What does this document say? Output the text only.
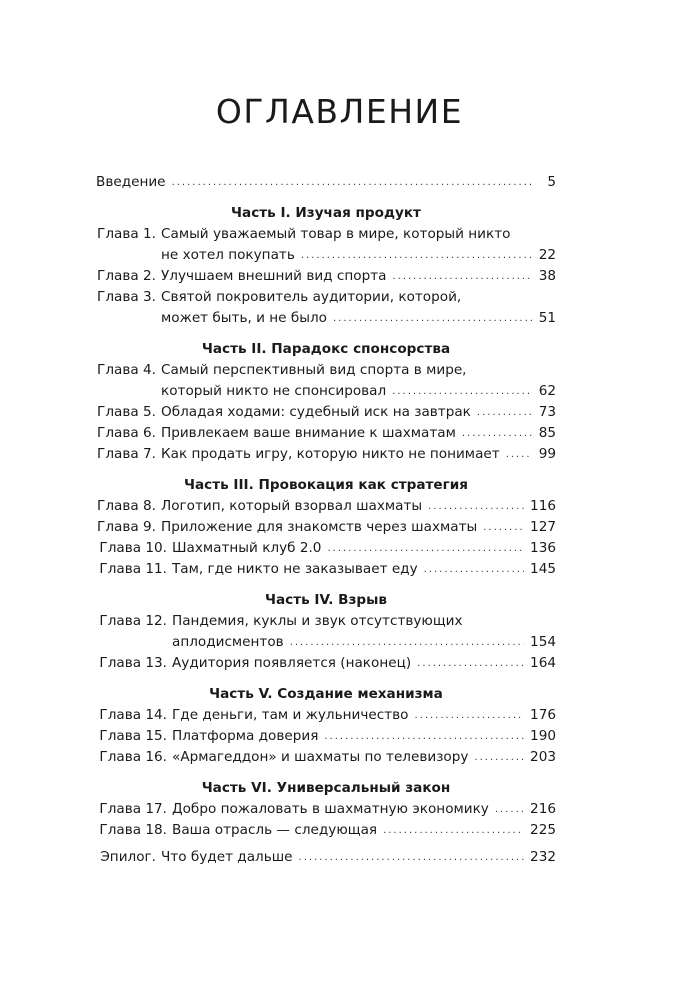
ОГЛАВЛЕНИЕ
Введение .....	5
Часть I. Изучая продукт
Глава 1. Самый уважаемый товар в мире, который никто
не хотел покупать .....	22
Глава 2. Улучшаем внешний вид спорта .....	38
Глава 3. Святой покровитель аудитории, которой,
может быть, и не было .....	51
Часть II. Парадокс спонсорства
Глава 4. Самый перспективный вид спорта в мире,
который никто не спонсировал .....	62
Глава 5. Обладая ходами: судебный иск на завтрак .....	73
Глава 6. Привлекаем ваше внимание к шахматам .....	85
Глава 7. Как продать игру, которую никто не понимает .....	99
Часть III. Провокация как стратегия
Глава 8. Логотип, который взорвал шахматы .....	116
Глава 9. Приложение для знакомств через шахматы .....	127
Глава 10. Шахматный клуб 2.0 .....	136
Глава 11. Там, где никто не заказывает еду .....	145
Часть IV. Взрыв
Глава 12. Пандемия, куклы и звук отсутствующих
аплодисментов .....	154
Глава 13. Аудитория появляется (наконец) .....	164
Часть V. Создание механизма
Глава 14. Где деньги, там и жульничество .....	176
Глава 15. Платформа доверия .....	190
Глава 16. «Армагеддон» и шахматы по телевизору .....	203
Часть VI. Универсальный закон
Глава 17. Добро пожаловать в шахматную экономику .....	216
Глава 18. Ваша отрасль — следующая .....	225
Эпилог. Что будет дальше .....	232
